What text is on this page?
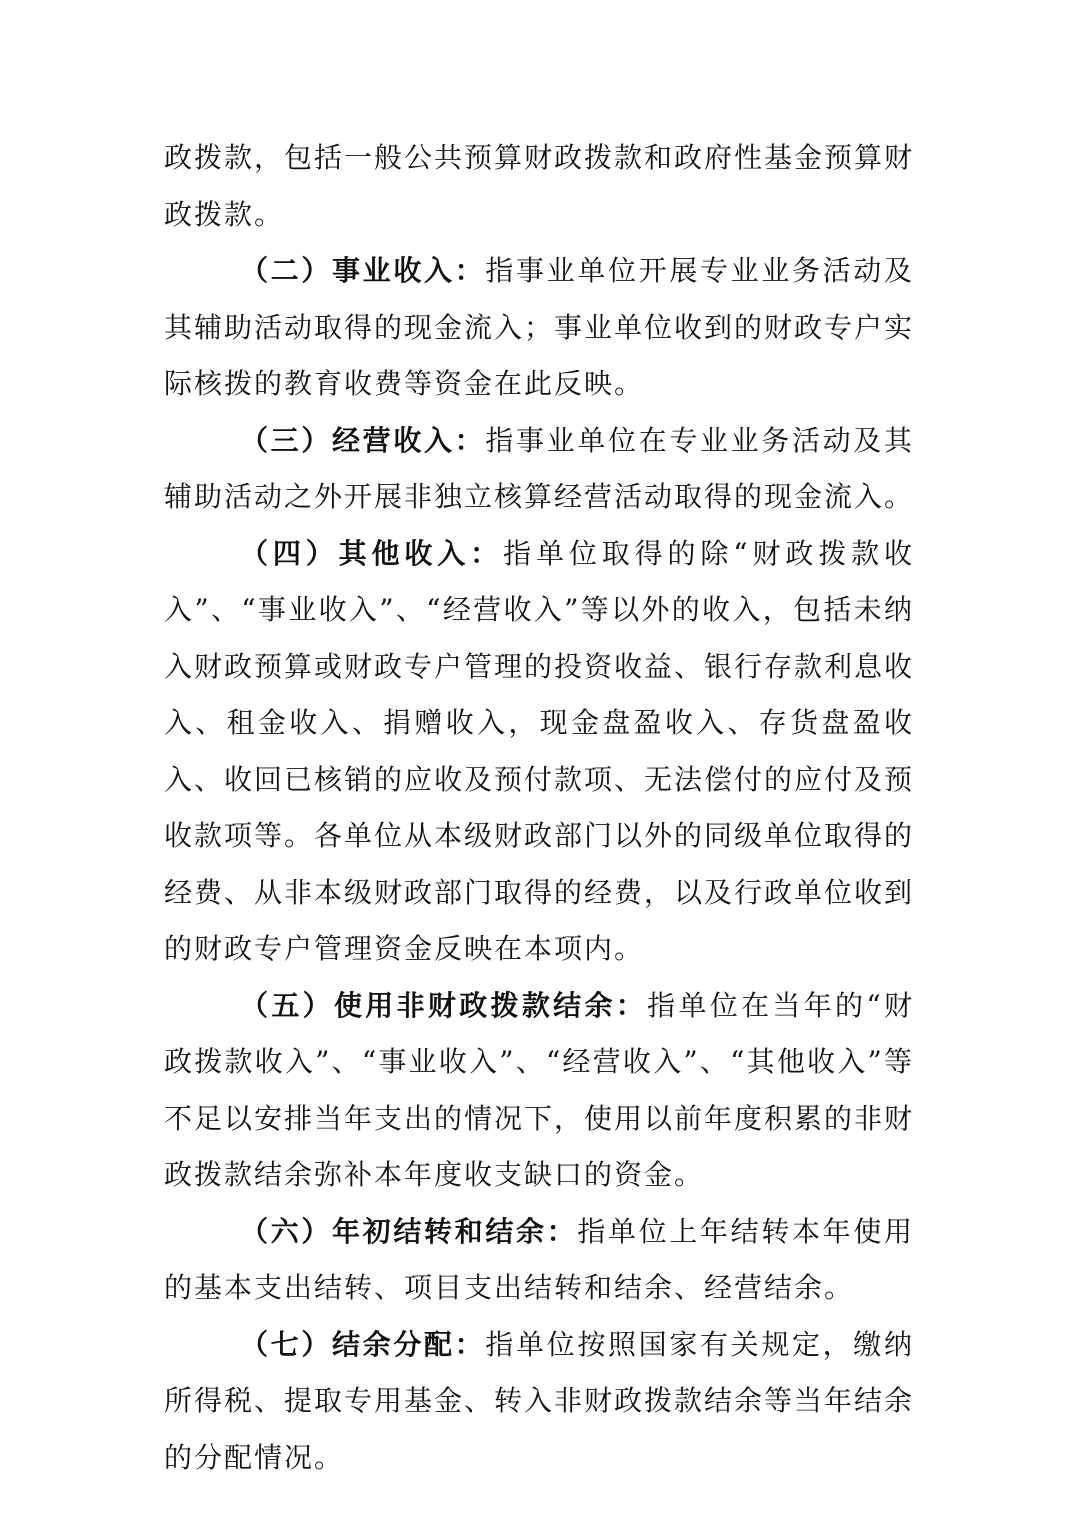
政拨款，包括一般公共预算财政拨款和政府性基金预算财政拨款。

（二）事业收入：指事业单位开展专业业务活动及其辅助活动取得的现金流入；事业单位收到的财政专户实际核拨的教育收费等资金在此反映。

（三）经营收入：指事业单位在专业业务活动及其辅助活动之外开展非独立核算经营活动取得的现金流入。

（四）其他收入：指单位取得的除“财政拨款收入”、“事业收入”、“经营收入”等以外的收入，包括未纳入财政预算或财政专户管理的投资收益、银行存款利息收入、租金收入、捐赠收入，现金盘盈收入、存货盘盈收入、收回已核销的应收及预付款项、无法偿付的应付及预收款项等。各单位从本级财政部门以外的同级单位取得的经费、从非本级财政部门取得的经费，以及行政单位收到的财政专户管理资金反映在本项内。

（五）使用非财政拨款结余：指单位在当年的“财政拨款收入”、“事业收入”、“经营收入”、“其他收入”等不足以安排当年支出的情况下，使用以前年度积累的非财政拨款结余弥补本年度收支缺口的资金。

（六）年初结转和结余：指单位上年结转本年使用的基本支出结转、项目支出结转和结余、经营结余。

（七）结余分配：指单位按照国家有关规定，缴纳所得税、提取专用基金、转入非财政拨款结余等当年结余的分配情况。
